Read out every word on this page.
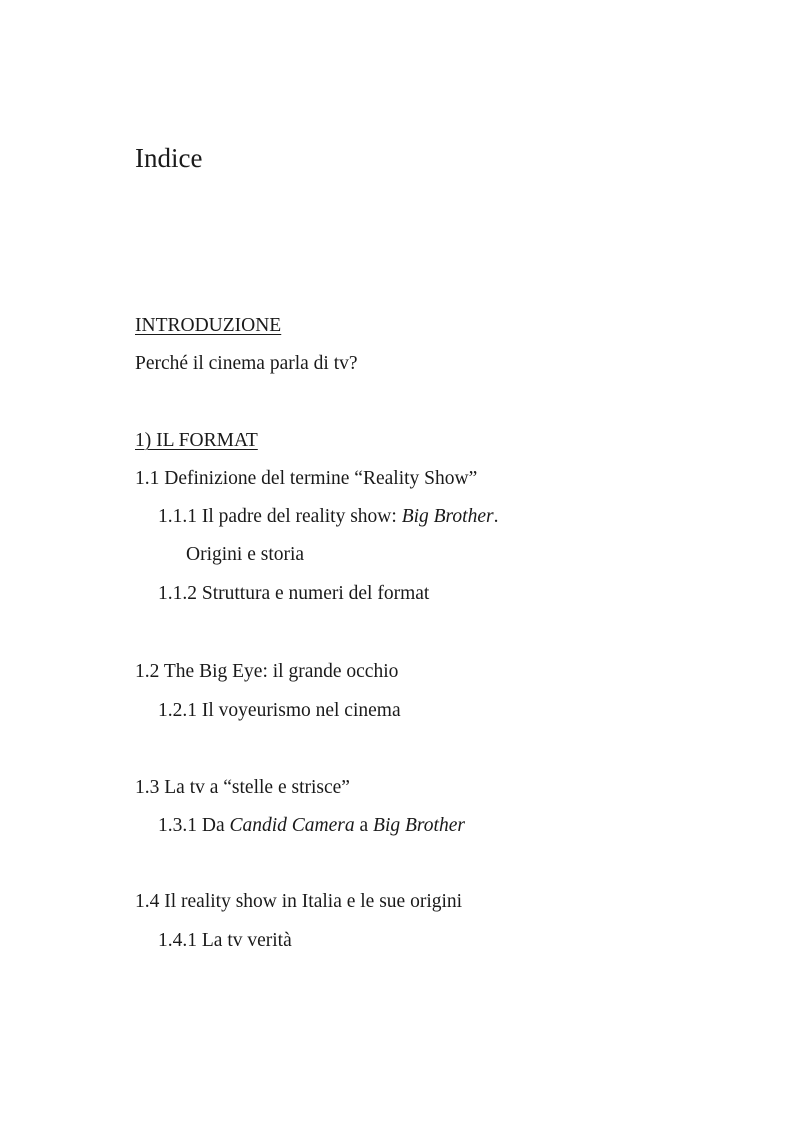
Indice
INTRODUZIONE
Perché il cinema parla di tv?
1) IL FORMAT
1.1 Definizione del termine “Reality Show”
1.1.1 Il padre del reality show: Big Brother.
Origini e storia
1.1.2 Struttura e numeri del format
1.2 The Big Eye: il grande occhio
1.2.1 Il voyeurismo nel cinema
1.3 La tv a “stelle e strisce”
1.3.1 Da Candid Camera a Big Brother
1.4 Il reality show in Italia e le sue origini
1.4.1 La tv verità
